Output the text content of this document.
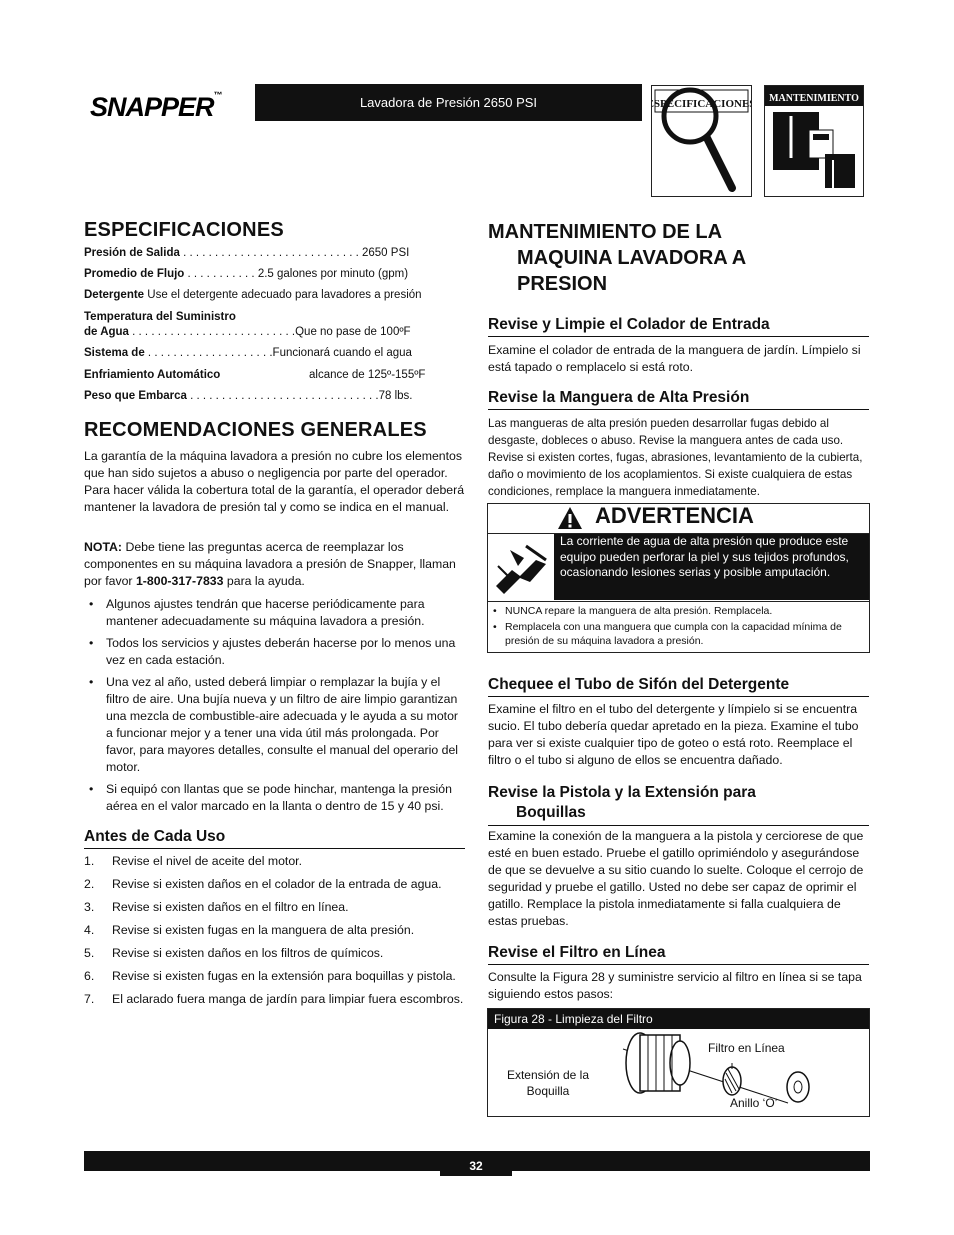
SNAPPER™	Lavadora de Presión 2650 PSI	ESPECIFICACIONES MANTENIMIENTO
ESPECIFICACIONES
Presión de Salida . . . . . . . . . . . . . . . . . . . . . . . . . . . . 2650 PSI
Promedio de Flujo . . . . . . . . . . . 2.5 galones por minuto (gpm)
Detergente Use el detergente adecuado para lavadores a presión
Temperatura del Suministro
de Agua . . . . . . . . . . . . . . . . . . . . . . . . . .Que no pase de 100ºF
Sistema de . . . . . . . . . . . . . . . . . . . .Funcionará cuando el agua
Enfriamiento Automático	alcance de 125º-155ºF
Peso que Embarca . . . . . . . . . . . . . . . . . . . . . . . . . . . . . .78 lbs.
RECOMENDACIONES GENERALES
La garantía de la máquina lavadora a presión no cubre los elementos que han sido sujetos a abuso o negligencia por parte del operador. Para hacer válida la cobertura total de la garantía, el operador deberá mantener la lavadora de presión tal y como se indica en el manual.
NOTA: Debe tiene las preguntas acerca de reemplazar los componentes en su máquina lavadora a presión de Snapper, llaman por favor 1-800-317-7833 para la ayuda.
• Algunos ajustes tendrán que hacerse periódicamente para mantener adecuadamente su máquina lavadora a presión.
• Todos los servicios y ajustes deberán hacerse por lo menos una vez en cada estación.
• Una vez al año, usted deberá limpiar o remplazar la bujía y el filtro de aire. Una bujía nueva y un filtro de aire limpio garantizan una mezcla de combustible-aire adecuada y le ayuda a su motor a funcionar mejor y a tener una vida útil más prolongada. Por favor, para mayores detalles, consulte el manual del operario del motor.
• Si equipó con llantas que se pode hinchar, mantenga la presión aérea en el valor marcado en la llanta o dentro de 15 y 40 psi.
Antes de Cada Uso
1. Revise el nivel de aceite del motor.
2. Revise si existen daños en el colador de la entrada de agua.
3. Revise si existen daños en el filtro en línea.
4. Revise si existen fugas en la manguera de alta presión.
5. Revise si existen daños en los filtros de químicos.
6. Revise si existen fugas en la extensión para boquillas y pistola.
7. El aclarado fuera manga de jardín para limpiar fuera escombros.
MANTENIMIENTO DE LA
MAQUINA LAVADORA A
PRESION
Revise y Limpie el Colador de Entrada
Examine el colador de entrada de la manguera de jardín. Límpielo si está tapado o remplacelo si está roto.
Revise la Manguera de Alta Presión
Las mangueras de alta presión pueden desarrollar fugas debido al desgaste, dobleces o abuso. Revise la manguera antes de cada uso. Revise si existen cortes, fugas, abrasiones, levantamiento de la cubierta, daño o movimiento de los acoplamientos. Si existe cualquiera de estas condiciones, remplace la manguera inmediatamente.
ADVERTENCIA
La corriente de agua de alta presión que produce este equipo pueden perforar la piel y sus tejidos profundos, ocasionando lesiones serias y posible amputación.
• NUNCA repare la manguera de alta presión. Remplacela.
• Remplacela con una manguera que cumpla con la capacidad mínima de presión de su máquina lavadora a presión.
Chequee el Tubo de Sifón del Detergente
Examine el filtro en el tubo del detergente y límpielo si se encuentra sucio. El tubo debería quedar apretado en la pieza. Examine el tubo para ver si existe cualquier tipo de goteo o está roto. Reemplace el filtro o el tubo si alguno de ellos se encuentra dañado.
Revise la Pistola y la Extensión para
Boquillas
Examine la conexión de la manguera a la pistola y cerciorese de que esté en buen estado. Pruebe el gatillo oprimiéndolo y asegurándose de que se devuelve a su sitio cuando lo suelte. Coloque el cerrojo de seguridad y pruebe el gatillo. Usted no debe ser capaz de oprimir el gatillo. Remplace la pistola inmediatamente si falla cualquiera de estas pruebas.
Revise el Filtro en Línea
Consulte la Figura 28 y suministre servicio al filtro en línea si se tapa siguiendo estos pasos:
Figura 28 - Limpieza del Filtro
Extensión de la
Boquilla
Filtro en Línea
Anillo ‘O’
32
